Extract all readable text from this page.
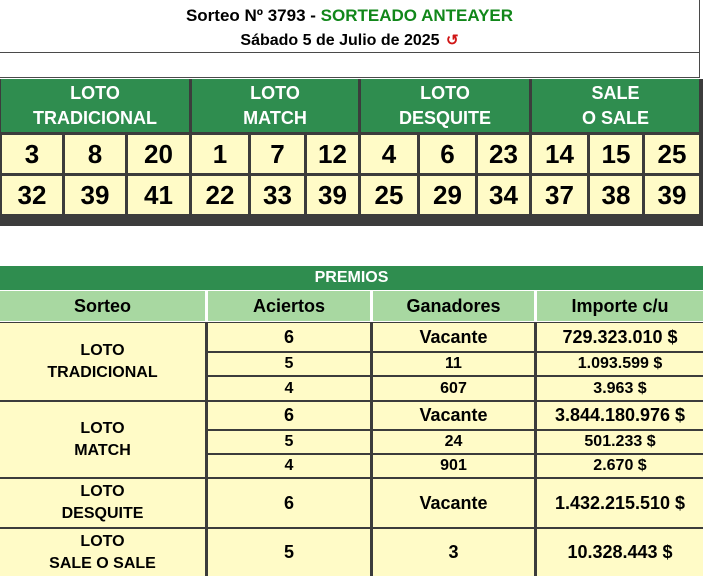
Sorteo Nº 3793 - SORTEADO ANTEAYER
Sábado 5 de Julio de 2025 ↺
LOTO
TRADICIONAL
LOTO
MATCH
LOTO
DESQUITE
SALE
O SALE
3	8	20	1	7	12	4	6	23	14	15	25
32	39	41	22	33	39	25	29	34	37	38	39
PREMIOS
Sorteo	Aciertos	Ganadores	Importe c/u
LOTO
TRADICIONAL
6	Vacante	729.323.010 $
5	11	1.093.599 $
4	607	3.963 $
LOTO
MATCH
6	Vacante	3.844.180.976 $
5	24	501.233 $
4	901	2.670 $
LOTO
DESQUITE
6	Vacante	1.432.215.510 $
LOTO
SALE O SALE
5	3	10.328.443 $
